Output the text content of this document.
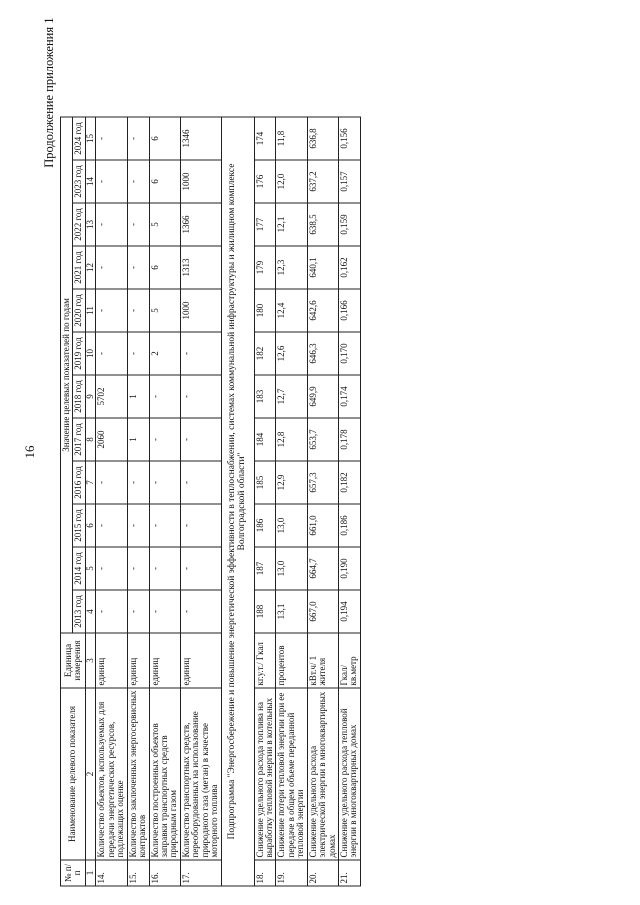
16
Продолжение приложения 1
№ п/п	Наименование целевого показателя	Единица измерения	Значение целевых показателей по годам											
			2013 год	2014 год	2015 год	2016 год	2017 год	2018 год	2019 год	2020 год	2021 год	2022 год	2023 год	2024 год
1	2	3	4	5	6	7	8	9	10	11	12	13	14	15
14.	Количество объектов, используемых для передачи энергетических ресурсов, подлежащих оценке	единиц	-	-	-	-	2060	5702	-	-	-	-	-	-
15.	Количество заключенных энергосервисных контрактов	единиц	-	-	-	-	1	1	-	-	-	-	-	-
16.	Количество построенных объектов заправки транспортных средств природным газом	единиц	-	-	-	-	-	-	2	5	6	5	6	6
17.	Количество транспортных средств, переоборудованных на использование природного газа (метан) в качестве моторного топлива	единиц	-	-	-	-	-	-	-	1000	1313	1366	1000	1346
Подпрограмма "Энергосбережение и повышение энергетической эффективности в теплоснабжении, системах коммунальной инфраструктуры и жилищном комплексе Волгоградской области"														
18.	Снижение удельного расхода топлива на выработку тепловой энергии в котельных	кг.у.т./ Гкал	188	187	186	185	184	183	182	180	179	177	176	174
19.	Снижение потери тепловой энергии при ее передаче в общем объеме переданной тепловой энергии	процентов	13,1	13,0	13,0	12,9	12,8	12,7	12,6	12,4	12,3	12,1	12,0	11,8
20.	Снижение удельного расхода электрической энергии в многоквартирных домах	кВт.ч/ 1 жителя	667,0	664,7	661,0	657,3	653,7	649,9	646,3	642,6	640,1	638,5	637,2	636,8
21.	Снижение удельного расхода тепловой энергии в многоквартирных домах	Гкал/ кв.метр	0,194	0,190	0,186	0,182	0,178	0,174	0,170	0,166	0,162	0,159	0,157	0,156
